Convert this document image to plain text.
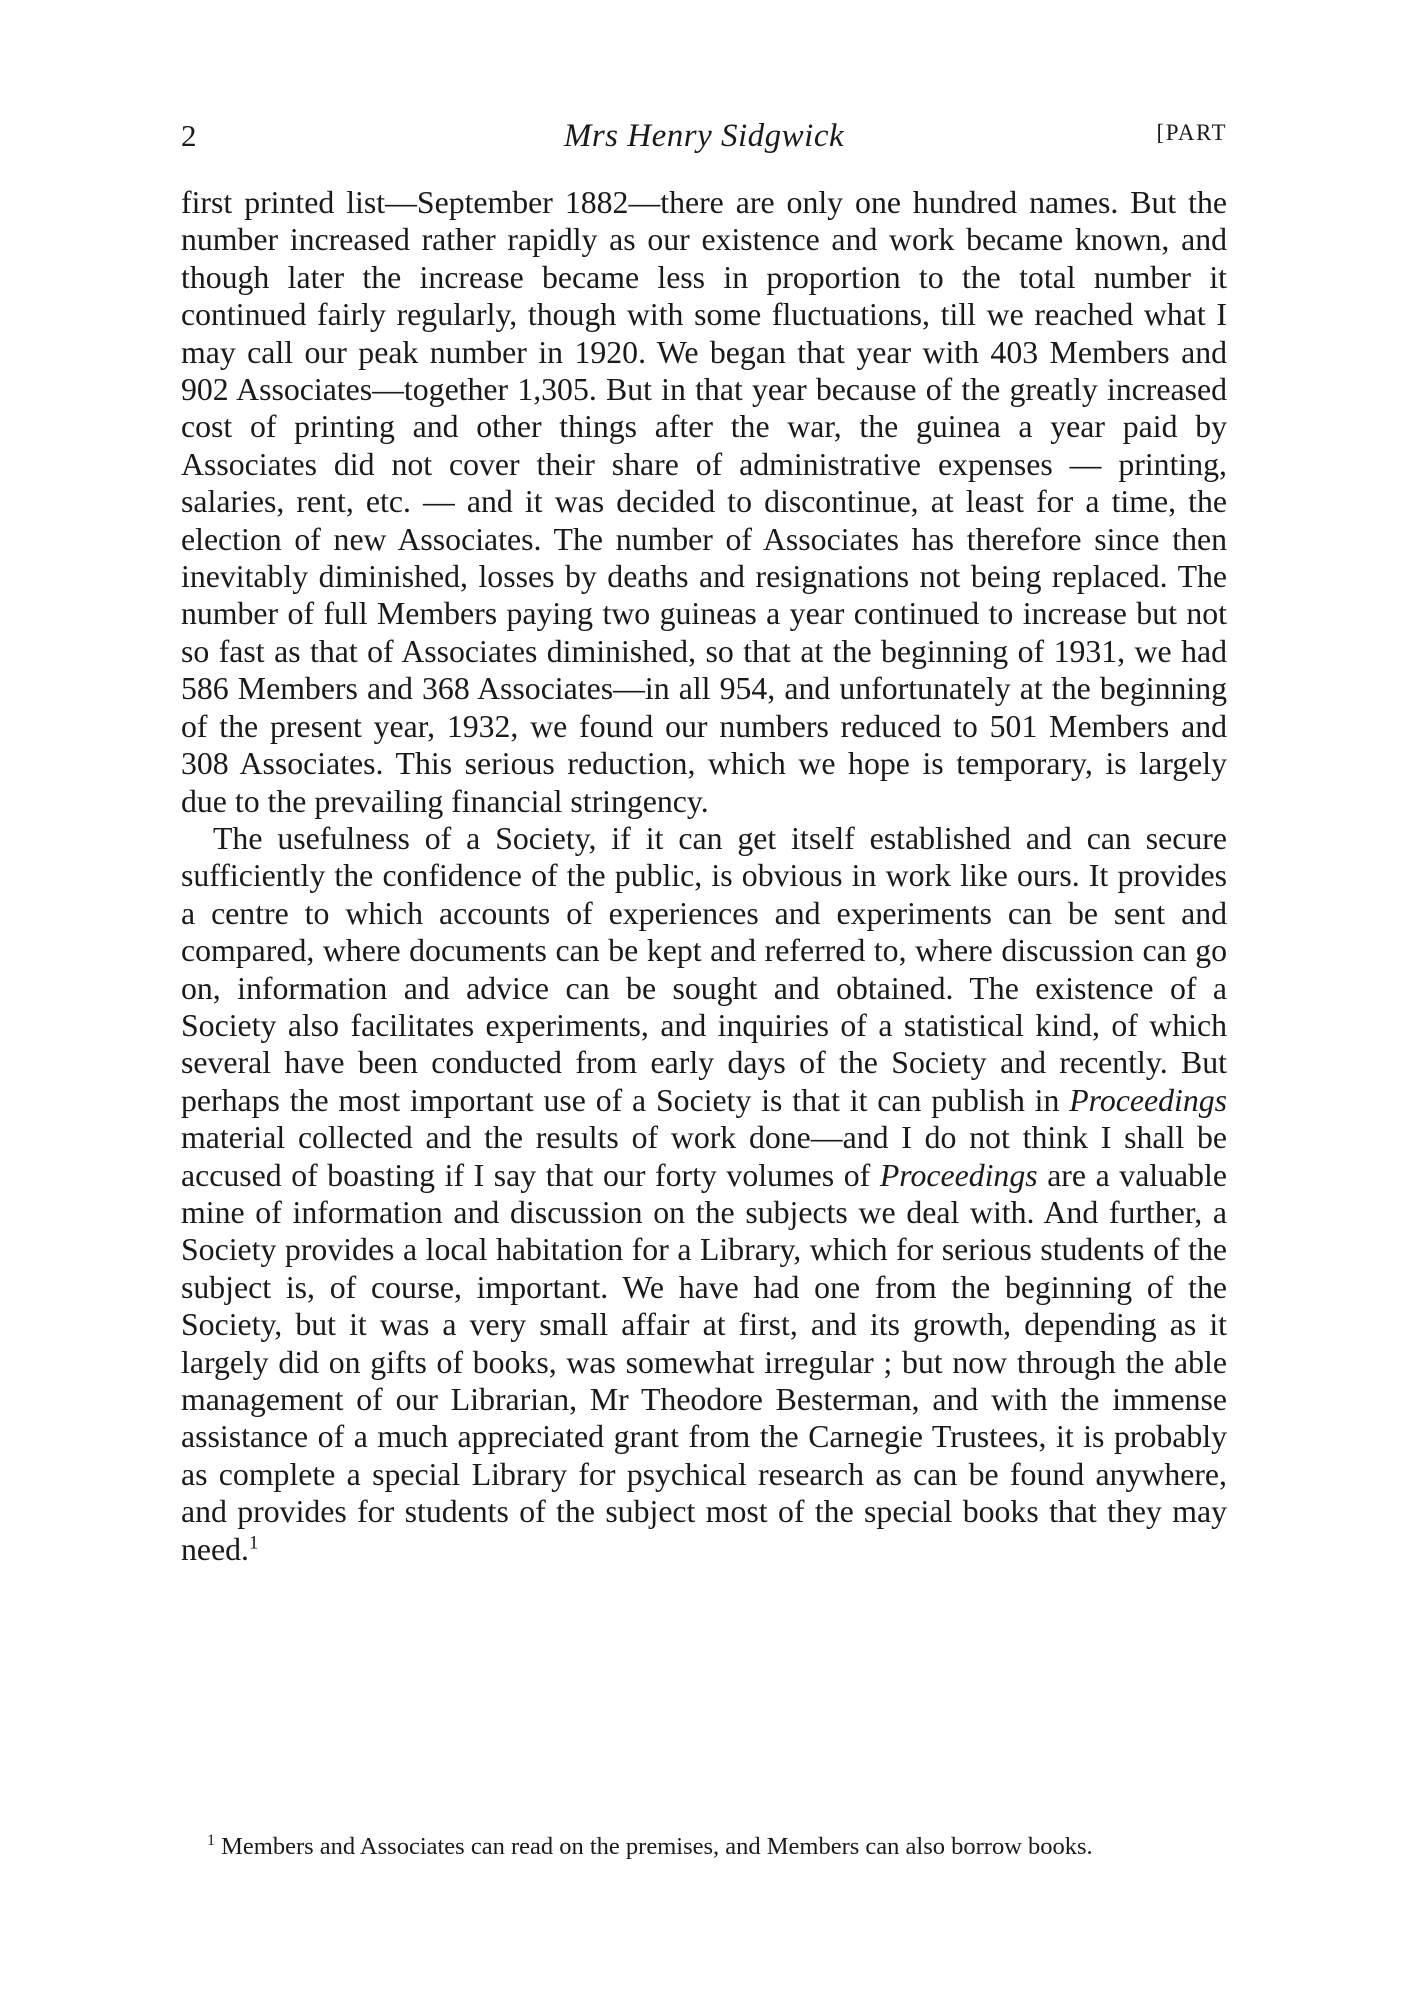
2	Mrs Henry Sidgwick	[PART

first printed list—September 1882—there are only one hundred names. But the number increased rather rapidly as our existence and work became known, and though later the increase became less in proportion to the total number it continued fairly regularly, though with some fluctuations, till we reached what I may call our peak number in 1920. We began that year with 403 Members and 902 Associates—together 1,305. But in that year because of the greatly increased cost of printing and other things after the war, the guinea a year paid by Associates did not cover their share of administrative expenses — printing, salaries, rent, etc. — and it was decided to discontinue, at least for a time, the election of new Associates. The number of Associates has therefore since then inevitably diminished, losses by deaths and resignations not being replaced. The number of full Members paying two guineas a year continued to increase but not so fast as that of Associates diminished, so that at the beginning of 1931, we had 586 Members and 368 Associates—in all 954, and unfortunately at the beginning of the present year, 1932, we found our numbers reduced to 501 Members and 308 Associates. This serious reduction, which we hope is temporary, is largely due to the prevailing financial stringency.

The usefulness of a Society, if it can get itself established and can secure sufficiently the confidence of the public, is obvious in work like ours. It provides a centre to which accounts of experiences and experiments can be sent and compared, where documents can be kept and referred to, where discussion can go on, information and advice can be sought and obtained. The existence of a Society also facilitates experiments, and inquiries of a statistical kind, of which several have been conducted from early days of the Society and recently. But perhaps the most important use of a Society is that it can publish in Proceedings material collected and the results of work done—and I do not think I shall be accused of boasting if I say that our forty volumes of Proceedings are a valuable mine of information and discussion on the subjects we deal with. And further, a Society provides a local habitation for a Library, which for serious students of the subject is, of course, important. We have had one from the beginning of the Society, but it was a very small affair at first, and its growth, depending as it largely did on gifts of books, was somewhat irregular ; but now through the able management of our Librarian, Mr Theodore Besterman, and with the immense assistance of a much appreciated grant from the Carnegie Trustees, it is probably as complete a special Library for psychical research as can be found anywhere, and provides for students of the subject most of the special books that they may need.$^1$

$^1$ Members and Associates can read on the premises, and Members can also borrow books.
